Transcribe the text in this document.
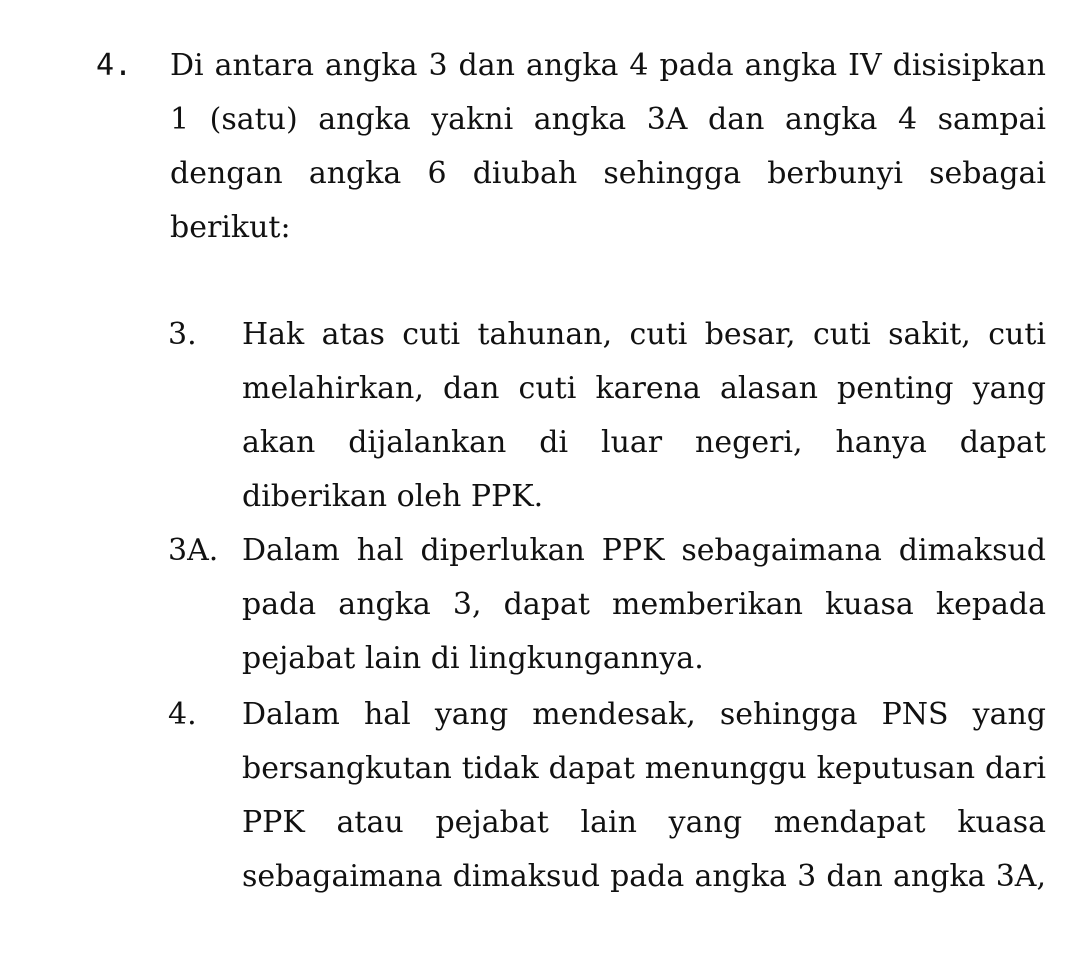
4. Di antara angka 3 dan angka 4 pada angka IV disisipkan
1 (satu) angka yakni angka 3A dan angka 4 sampai
dengan angka 6 diubah sehingga berbunyi sebagai
berikut:
3. Hak atas cuti tahunan, cuti besar, cuti sakit, cuti
melahirkan, dan cuti karena alasan penting yang
akan dijalankan di luar negeri, hanya dapat
diberikan oleh PPK.
3A. Dalam hal diperlukan PPK sebagaimana dimaksud
pada angka 3, dapat memberikan kuasa kepada
pejabat lain di lingkungannya.
4. Dalam hal yang mendesak, sehingga PNS yang
bersangkutan tidak dapat menunggu keputusan dari
PPK atau pejabat lain yang mendapat kuasa
sebagaimana dimaksud pada angka 3 dan angka 3A,
